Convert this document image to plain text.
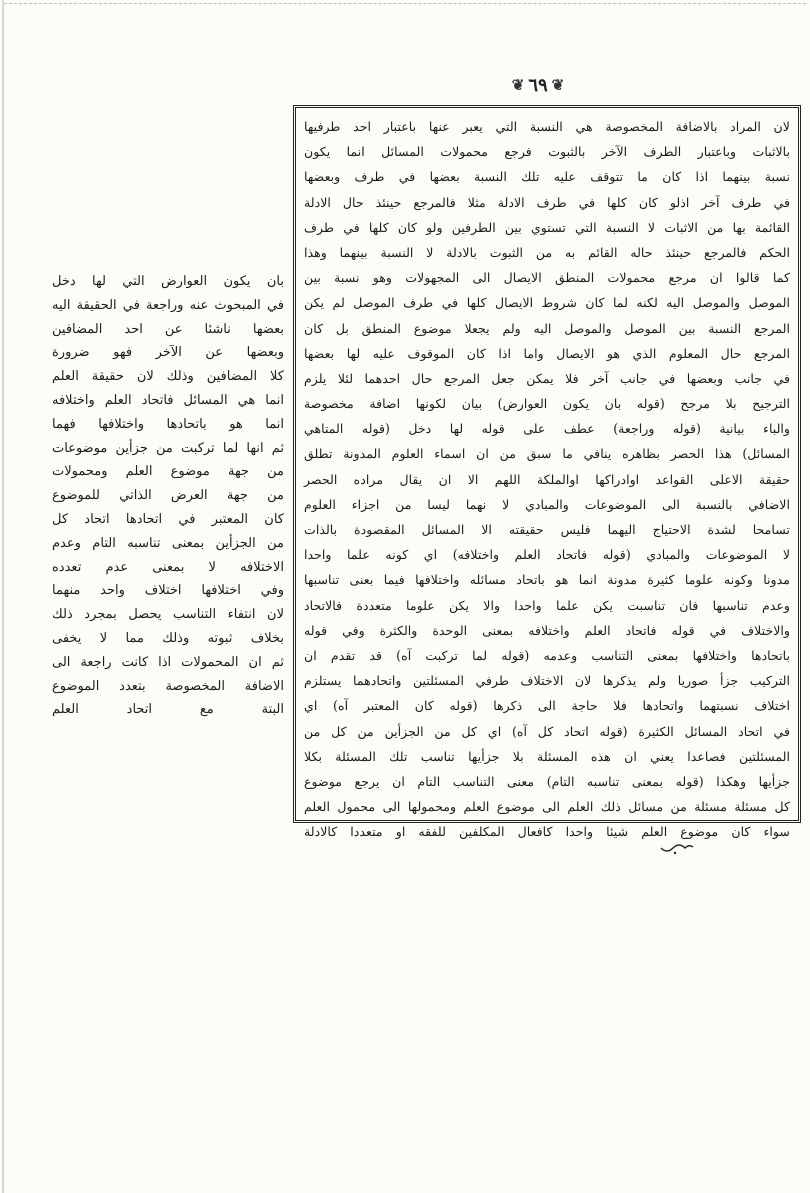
❦ ٦٩ ❦
لان المراد بالاضافة المخصوصة هي النسبة التي يعبر عنها باعتبار احد طرفيها
بالاثبات وباعتبار الطرف الآخر بالثبوت فرجع محمولات المسائل انما يكون
نسبة بينهما اذا كان ما تتوقف عليه تلك النسبة بعضها في طرف وبعضها
في طرف آخر اذلو كان كلها في طرف الادلة مثلا فالمرجع حينئذ حال الادلة
القائمة بها من الاثبات لا النسبة التي تستوي بين الطرفين ولو كان كلها في طرف
الحكم فالمرجع حينئذ حاله القائم به من الثبوت بالادلة لا النسبة بينهما وهذا
كما قالوا ان مرجع محمولات المنطق الايصال الى المجهولات وهو نسبة بين
الموصل والموصل اليه لكنه لما كان شروط الايصال كلها في طرف الموصل لم يكن
المرجع النسبة بين الموصل والموصل اليه ولم يجعلا موضوع المنطق بل كان
المرجع حال المعلوم الذي هو الايصال واما اذا كان الموقوف عليه لها بعضها
في جانب وبعضها في جانب آخر فلا يمكن جعل المرجع حال احدهما لئلا يلزم
الترجيح بلا مرجح (قوله بان يكون العوارض) بيان لكونها اضافة مخصوصة
والباء بيانية (قوله وراجعة) عطف على قوله لها دخل (قوله المتاهي
المسائل) هذا الحصر بظاهره ينافي ما سبق من ان اسماء العلوم المدونة تطلق
حقيقة الاعلى القواعد اوادراكها اوالملكة اللهم الا ان يقال مراده الحصر
الاضافي بالنسبة الى الموضوعات والمبادي لا نهما ليسا من اجزاء العلوم
تسامحا لشدة الاحتياج اليهما فليس حقيقته الا المسائل المقصودة بالذات
لا الموضوعات والمبادي (قوله فاتحاد العلم واختلافه) اي كونه علما واحدا
مدونا وكونه علوما كثيرة مدونة انما هو باتحاد مسائله واختلافها فيما بعنى تناسبها
وعدم تناسبها فان تناسبت يكن علما واحدا والا يكن علوما متعددة فالاتحاد
والاختلاف في قوله فاتحاد العلم واختلافه بمعنى الوحدة والكثرة وفي قوله
باتحادها واختلافها بمعنى التناسب وعدمه (قوله لما تركبت آه) قد تقدم ان
التركيب جزأ صوريا ولم يذكرها لان الاختلاف طرفي المسئلتين واتحادهما يستلزم
اختلاف نسبتهما واتحادها فلا حاجة الى ذكرها (قوله كان المعتبر آه) اي
في اتحاد المسائل الكثيرة (قوله اتحاد كل آه) اي كل من الجزأين من كل من
المسئلتين فصاعدا يعني ان هذه المسئلة بلا جزأيها تناسب تلك المسئلة بكلا
جزأيها وهكذا (قوله بمعنى تناسبه التام) معنى التناسب التام ان يرجع موضوع
كل مسئلة مسئلة من مسائل ذلك العلم الى موضوع العلم ومحمولها الى محمول العلم
سواء كان موضوع العلم شيئا واحدا كافعال المكلفين للفقه او متعددا كالادلة
بان يكون العوارض التي لها دخل
في المبحوث عنه وراجعة في الحقيقة اليه
بعضها ناشئا عن احد المضافين
وبعضها عن الآخر فهو ضرورة
كلا المضافين وذلك لان حقيقة العلم
انما هي المسائل فاتحاد العلم واختلافه
انما هو باتحادها واختلافها فهما
ثم انها لما تركبت من جزأين موضوعات
من جهة موضوع العلم ومحمولات
من جهة العرض الذاتي للموضوع
كان المعتبر في اتحادها اتحاد كل
من الجزأين بمعنى تناسبه التام وعدم
الاختلافه لا بمعنى عدم تعدده
وفي اختلافها اختلاف واحد منهما
لان انتفاء التناسب يحصل بمجرد ذلك
بخلاف ثبوته وذلك مما لا يخفى
ثم ان المحمولات اذا كانت راجعة الى
الاضافة المخصوصة بتعدد الموضوع
البتة مع اتحاد العلم
